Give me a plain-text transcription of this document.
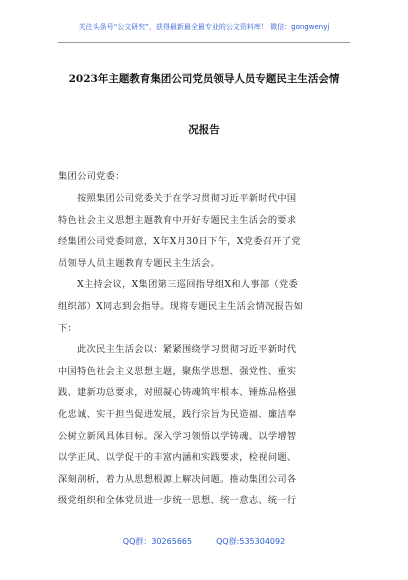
关注头条号“公文研究”，获得最新最全最专业的公文资料库！ 微信：gongwenyj
2023年主题教育集团公司党员领导人员专题民主生活会情
况报告
集团公司党委：
　　按照集团公司党委关于在学习贯彻习近平新时代中国
特色社会主义思想主题教育中开好专题民主生活会的要求
经集团公司党委同意，X年X月30日下午，X党委召开了党
员领导人员主题教育专题民主生活会。
　　X主持会议，X集团第三巡回指导组X和人事部（党委
组织部）X同志到会指导。现将专题民主生活会情况报告如
下：
　　此次民主生活会以：紧紧围绕学习贯彻习近平新时代
中国特色社会主义思想主题，聚焦学思想、强党性、重实
践、建新功总要求，对照凝心铸魂筑牢根本、锤炼品格强
化忠诚、实干担当促进发展，践行宗旨为民造福、廉洁奉
公树立新风具体目标。深入学习领悟以学铸魂、以学增智
以学正风、以学促干的丰富内涵和实践要求，检视问题、
深刻剖析，着力从思想根源上解决问题。推动集团公司各
级党组织和全体党员进一步统一思想、统一意志、统一行
QQ群：30265665	QQ群:535304092
